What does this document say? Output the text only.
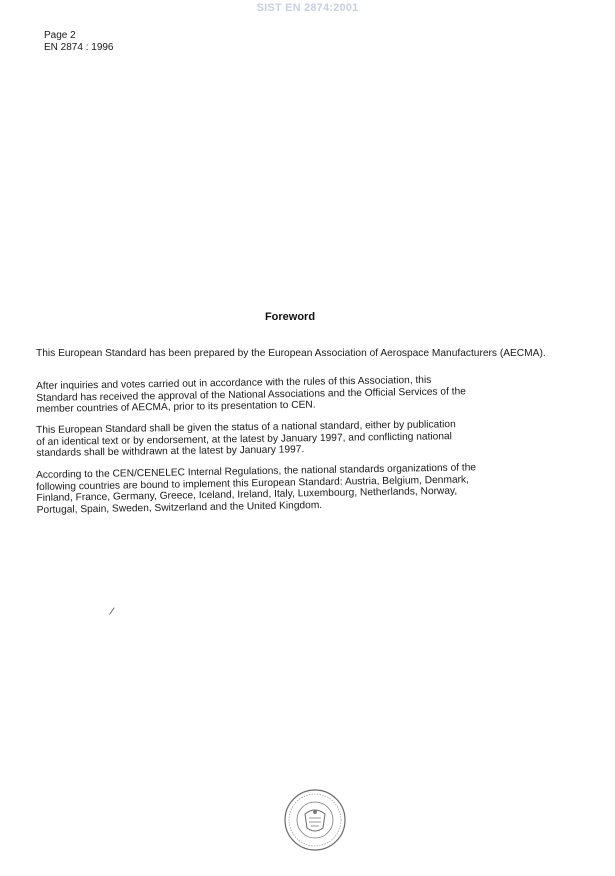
SIST EN 2874:2001
Page 2
EN 2874 : 1996
Foreword

This European Standard has been prepared by the European Association of Aerospace Manufacturers (AECMA).

After inquiries and votes carried out in accordance with the rules of this Association, this Standard has received the approval of the National Associations and the Official Services of the member countries of AECMA, prior to its presentation to CEN.

This European Standard shall be given the status of a national standard, either by publication of an identical text or by endorsement, at the latest by January 1997, and conflicting national standards shall be withdrawn at the latest by January 1997.

According to the CEN/CENELEC Internal Regulations, the national standards organizations of the following countries are bound to implement this European Standard: Austria, Belgium, Denmark, Finland, France, Germany, Greece, Iceland, Ireland, Italy, Luxembourg, Netherlands, Norway, Portugal, Spain, Sweden, Switzerland and the United Kingdom.

/
